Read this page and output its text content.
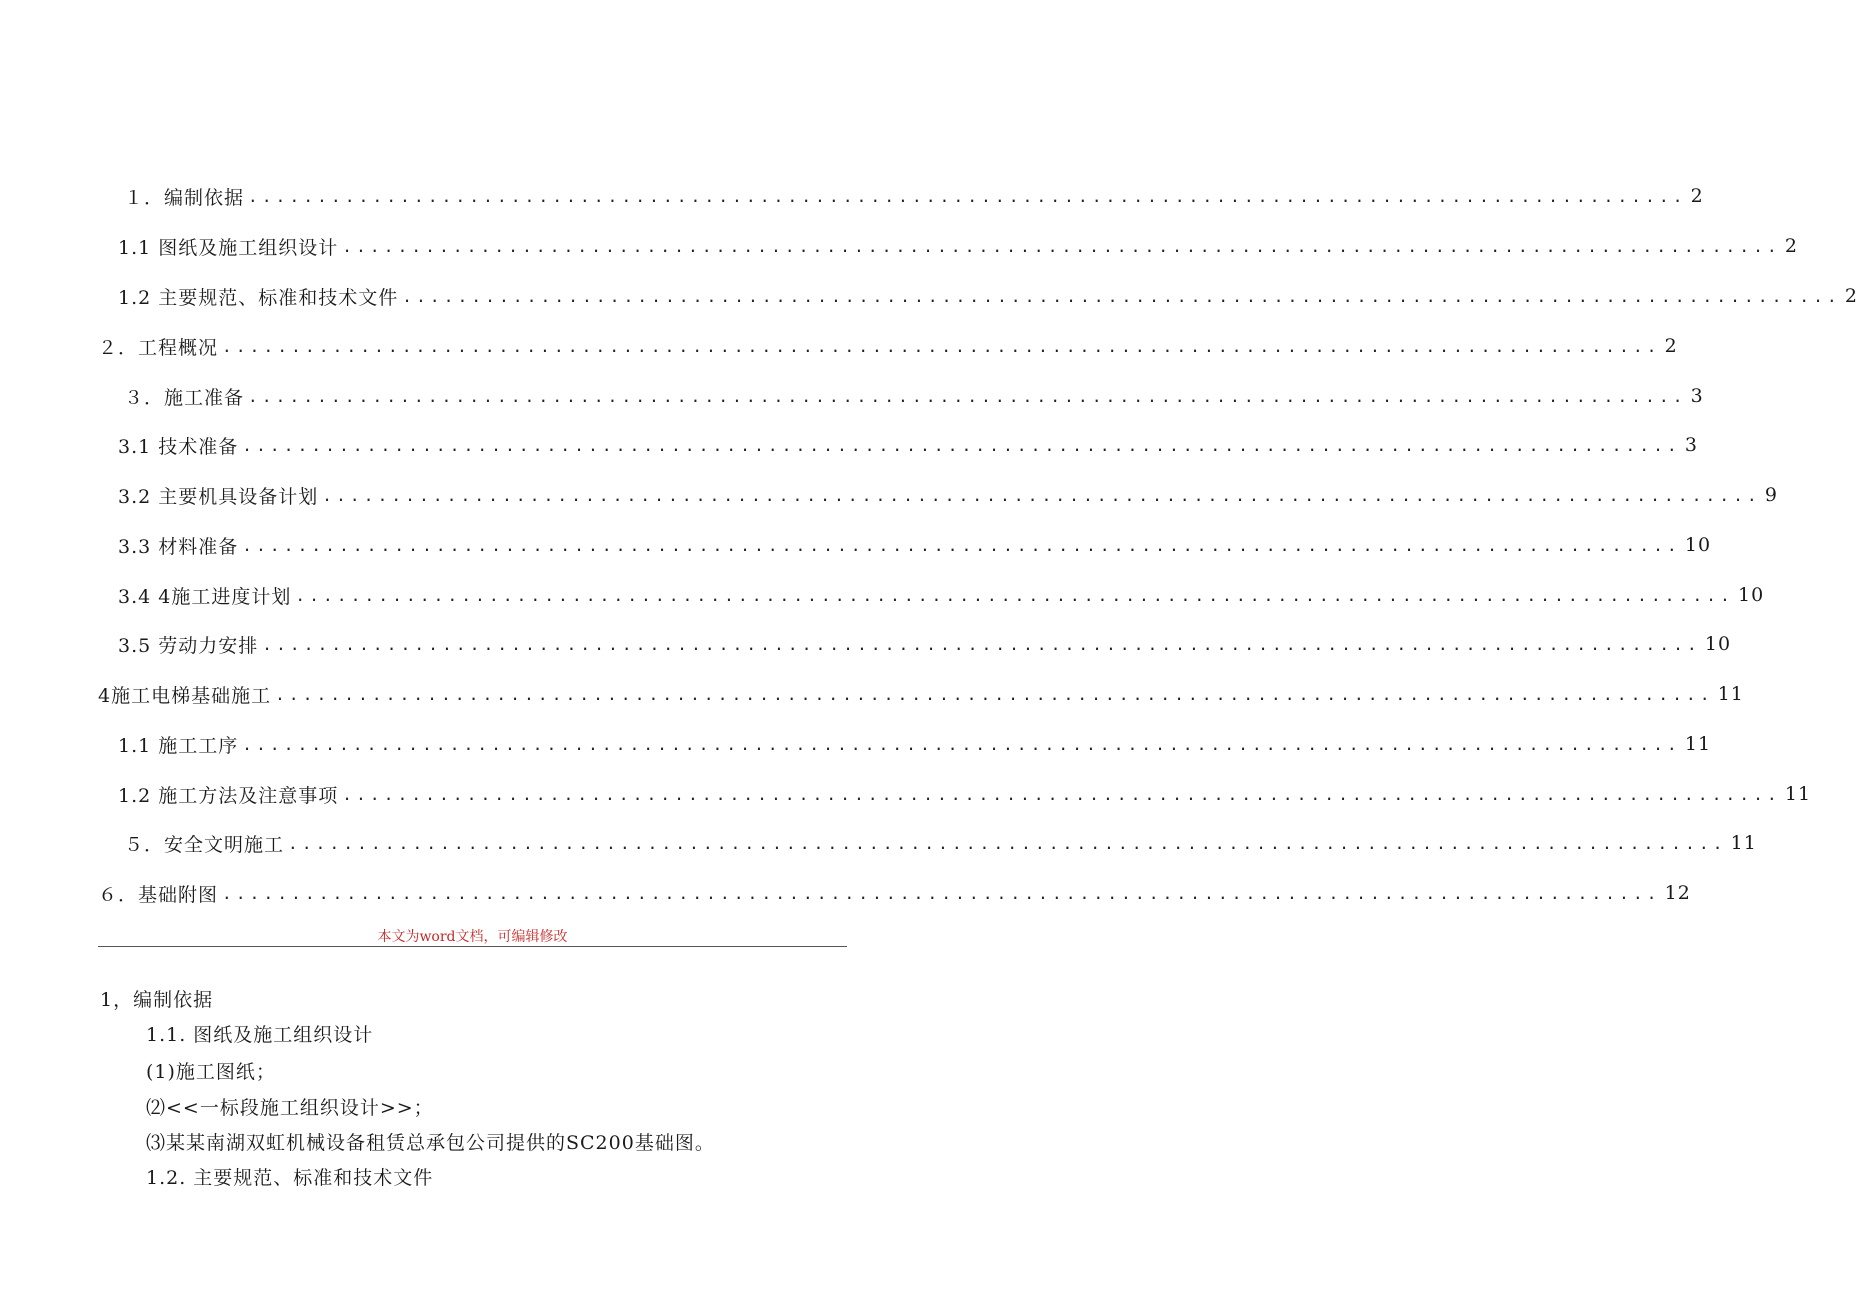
１．编制依据 ........................................................................................................ 2
1.1 图纸及施工组织设计 ........................................................................................................ 2
1.2 主要规范、标准和技术文件 ........................................................................................................ 2
２．工程概况 ........................................................................................................ 2
３．施工准备 ........................................................................................................ 3
3.1 技术准备 ........................................................................................................ 3
3.2 主要机具设备计划 ........................................................................................................ 9
3.3 材料准备 ........................................................................................................ 10
3.4 4施工进度计划 ........................................................................................................ 10
3.5 劳动力安排 ........................................................................................................ 10
4施工电梯基础施工 ........................................................................................................ 11
1.1 施工工序 ........................................................................................................ 11
1.2 施工方法及注意事项 ........................................................................................................ 11
５．安全文明施工 ........................................................................................................ 11
６．基础附图 ........................................................................................................ 12
本文为word文档，可编辑修改
1，编制依据
1.1. 图纸及施工组织设计
(1)施工图纸；
⑵<<一标段施工组织设计>>；
⑶某某南湖双虹机械设备租赁总承包公司提供的SC200基础图。
1.2. 主要规范、标准和技术文件
